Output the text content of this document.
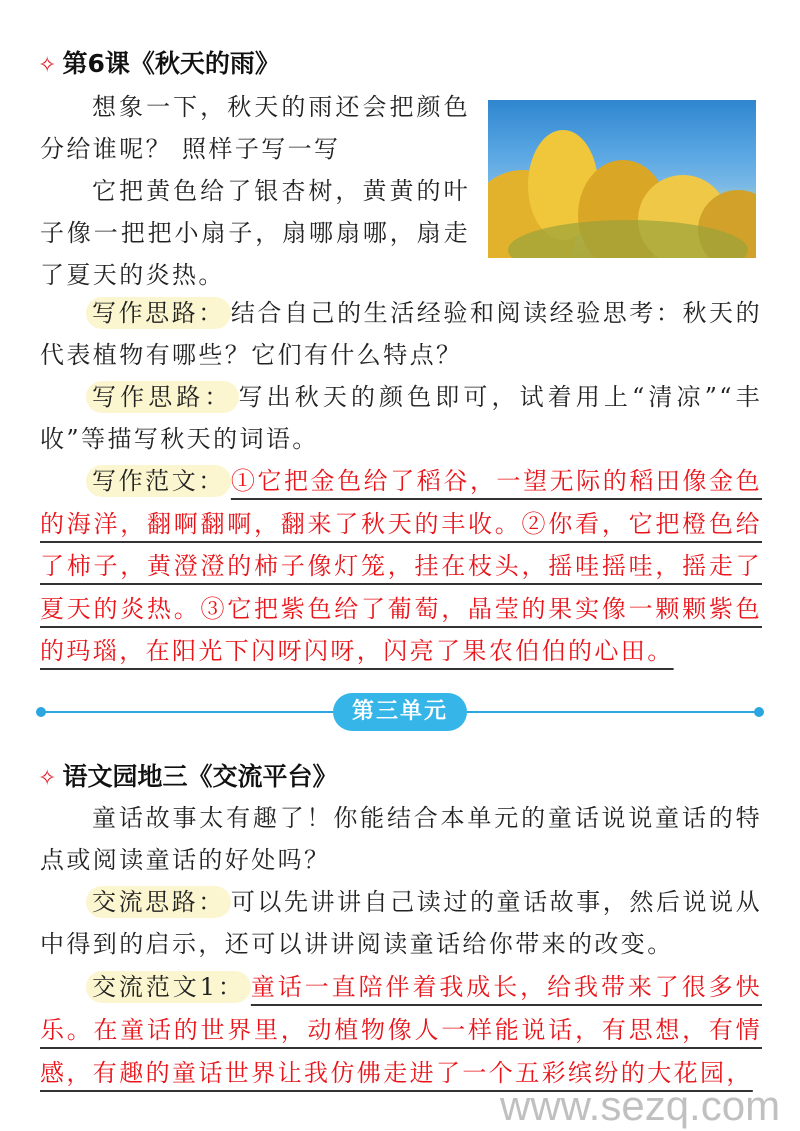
✧ 第6课《秋天的雨》
想象一下，秋天的雨还会把颜色分给谁呢？ 照样子写一写
它把黄色给了银杏树，黄黄的叶子像一把把小扇子，扇哪扇哪，扇走了夏天的炎热。
写作思路： 结合自己的生活经验和阅读经验思考：秋天的代表植物有哪些？它们有什么特点？
写作思路： 写出秋天的颜色即可，试着用上“清凉”“丰收”等描写秋天的词语。
写作范文： ①它把金色给了稻谷，一望无际的稻田像金色的海洋，翻啊翻啊，翻来了秋天的丰收。②你看，它把橙色给了柿子，黄澄澄的柿子像灯笼，挂在枝头，摇哇摇哇，摇走了夏天的炎热。③它把紫色给了葡萄，晶莹的果实像一颗颗紫色的玛瑙，在阳光下闪呀闪呀，闪亮了果农伯伯的心田。
第三单元
✧ 语文园地三《交流平台》
童话故事太有趣了！你能结合本单元的童话说说童话的特点或阅读童话的好处吗？
交流思路： 可以先讲讲自己读过的童话故事，然后说说从中得到的启示，还可以讲讲阅读童话给你带来的改变。
交流范文1： 童话一直陪伴着我成长，给我带来了很多快乐。在童话的世界里，动植物像人一样能说话，有思想，有情感，有趣的童话世界让我仿佛走进了一个五彩缤纷的大花园，
www.sezq.com
